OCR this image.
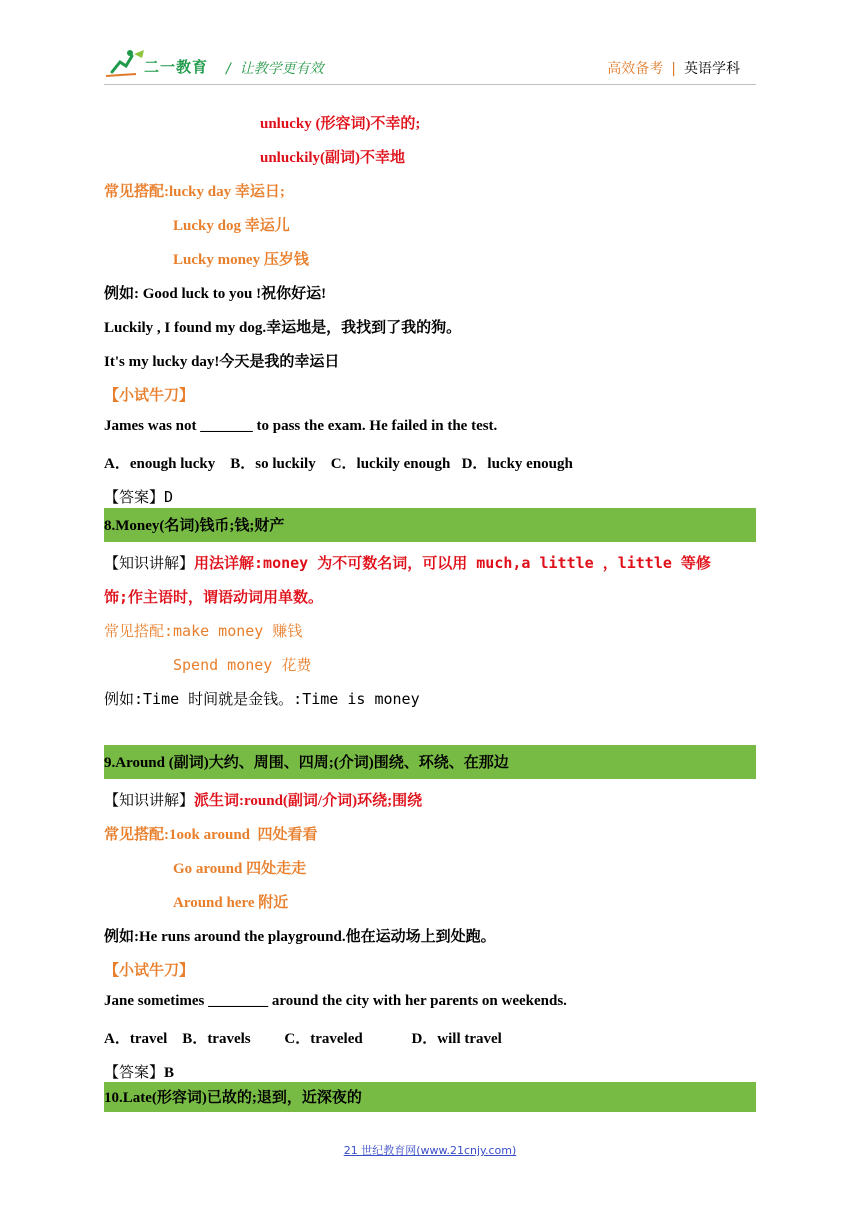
二一教育 /  让教学更有效	高效备考 | 英语学科
unlucky (形容词)不幸的;
unluckily(副词)不幸地
常见搭配:lucky day 幸运日;
Lucky dog 幸运儿
Lucky money 压岁钱
例如: Good luck to you !祝你好运!
Luckily , I found my dog.幸运地是，我找到了我的狗。
It's my lucky day!今天是我的幸运日
【小试牛刀】
James was not _______ to pass the exam. He failed in the test.
A．enough lucky    B．so luckily    C．luckily enough   D．lucky enough
【答案】D
8.Money(名词)钱币;钱;财产
【知识讲解】用法详解:money 为不可数名词，可以用 much,a little ，little 等修
饰;作主语时，谓语动词用单数。
常见搭配:make money 赚钱
Spend money 花费
例如:Time 时间就是金钱。:Time is money
9.Around (副词)大约、周围、四周;(介词)围绕、环绕、在那边
【知识讲解】派生词:round(副词/介词)环绕;围绕
常见搭配:1ook around  四处看看
Go around 四处走走
Around here 附近
例如:He runs around the playground.他在运动场上到处跑。
【小试牛刀】
Jane sometimes ________ around the city with her parents on weekends.
A．travel    B．travels         C．traveled             D．will travel
【答案】B
10.Late(形容词)已故的;退到，近深夜的
21 世纪教育网(www.21cnjy.com)
